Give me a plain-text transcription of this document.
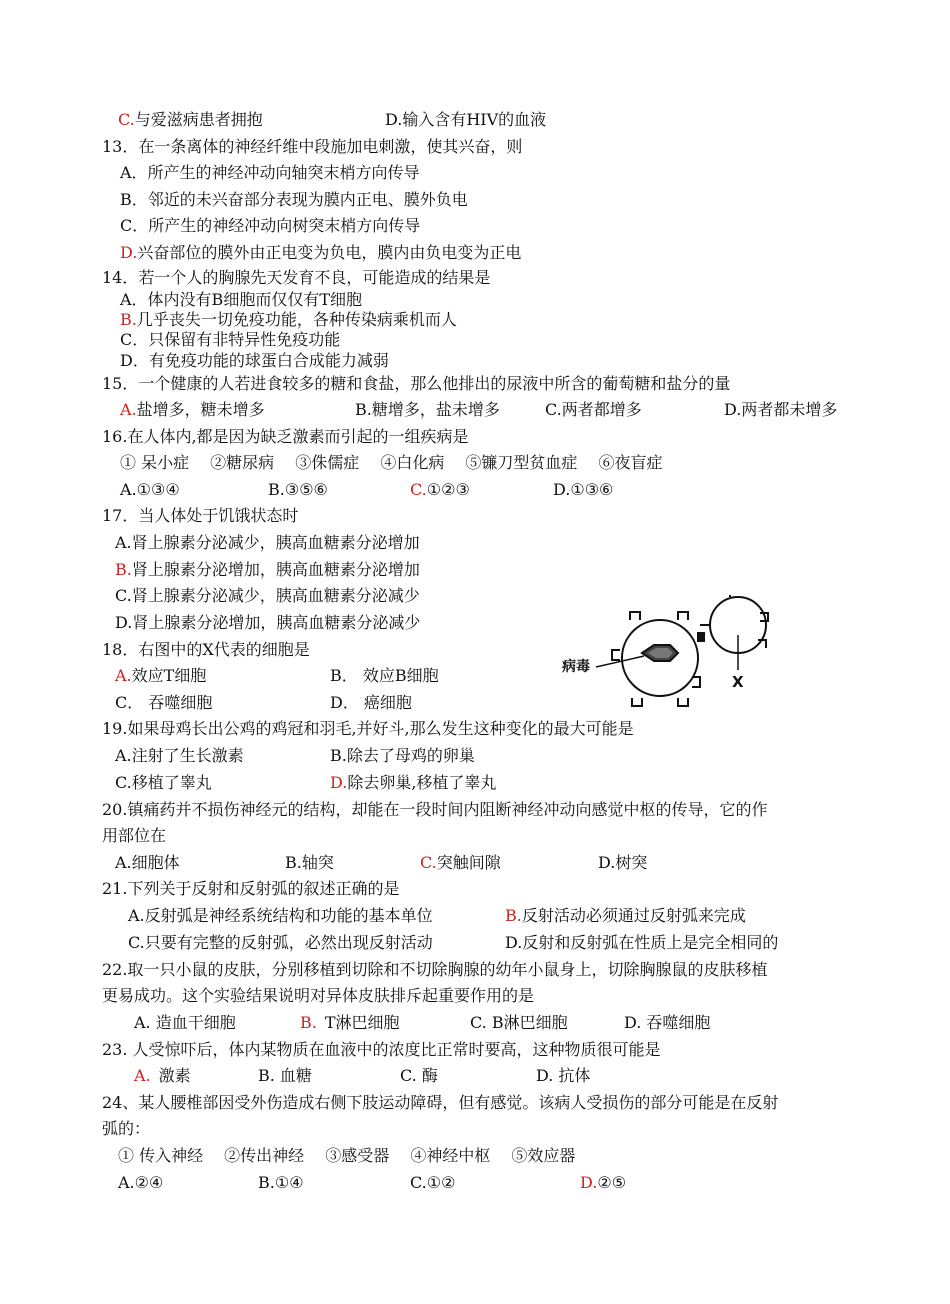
C.与爱滋病患者拥抱	D.输入含有HIV的血液
13．在一条离体的神经纤维中段施加电刺激，使其兴奋，则
A．所产生的神经冲动向轴突末梢方向传导
B．邻近的未兴奋部分表现为膜内正电、膜外负电
C．所产生的神经冲动向树突末梢方向传导
D.兴奋部位的膜外由正电变为负电，膜内由负电变为正电
14．若一个人的胸腺先天发育不良，可能造成的结果是
A．体内没有B细胞而仅仅有T细胞
B.几乎丧失一切免疫功能，各种传染病乘机而人
C．只保留有非特异性免疫功能
D．有免疫功能的球蛋白合成能力减弱
15．一个健康的人若进食较多的糖和食盐，那么他排出的尿液中所含的葡萄糖和盐分的量
A.盐增多，糖未增多	B.糖增多，盐未增多	C.两者都增多	D.两者都未增多
16.在人体内,都是因为缺乏激素而引起的一组疾病是
① 呆小症　 ②糖尿病　 ③侏儒症　 ④白化病　 ⑤镰刀型贫血症　 ⑥夜盲症
A.①③④	B.③⑤⑥	C.①②③	D.①③⑥
17．当人体处于饥饿状态时
A.肾上腺素分泌减少，胰高血糖素分泌增加
B.肾上腺素分泌增加，胰高血糖素分泌增加
C.肾上腺素分泌减少，胰高血糖素分泌减少
D.肾上腺素分泌增加，胰高血糖素分泌减少
18．右图中的X代表的细胞是
A.效应T细胞	B． 效应B细胞
C． 吞噬细胞	D． 癌细胞
病毒
X
19.如果母鸡长出公鸡的鸡冠和羽毛,并好斗,那么发生这种变化的最大可能是
A.注射了生长激素	B.除去了母鸡的卵巢
C.移植了睾丸	D.除去卵巢,移植了睾丸
20.镇痛药并不损伤神经元的结构，却能在一段时间内阻断神经冲动向感觉中枢的传导，它的作
用部位在
A.细胞体	B.轴突	C.突触间隙	D.树突
21.下列关于反射和反射弧的叙述正确的是
A.反射弧是神经系统结构和功能的基本单位	B.反射活动必须通过反射弧来完成
C.只要有完整的反射弧，必然出现反射活动	D.反射和反射弧在性质上是完全相同的
22.取一只小鼠的皮肤，分别移植到切除和不切除胸腺的幼年小鼠身上，切除胸腺鼠的皮肤移植
更易成功。这个实验结果说明对异体皮肤排斥起重要作用的是
A. 造血干细胞	B. T淋巴细胞	C. B淋巴细胞	D. 吞噬细胞
23. 人受惊吓后，体内某物质在血液中的浓度比正常时要高，这种物质很可能是
A. 激素	B. 血糖	C. 酶	D. 抗体
24、某人腰椎部因受外伤造成右侧下肢运动障碍，但有感觉。该病人受损伤的部分可能是在反射
弧的：
① 传入神经　 ②传出神经　 ③感受器　 ④神经中枢　 ⑤效应器
A.②④	B.①④	C.①②	D.②⑤
